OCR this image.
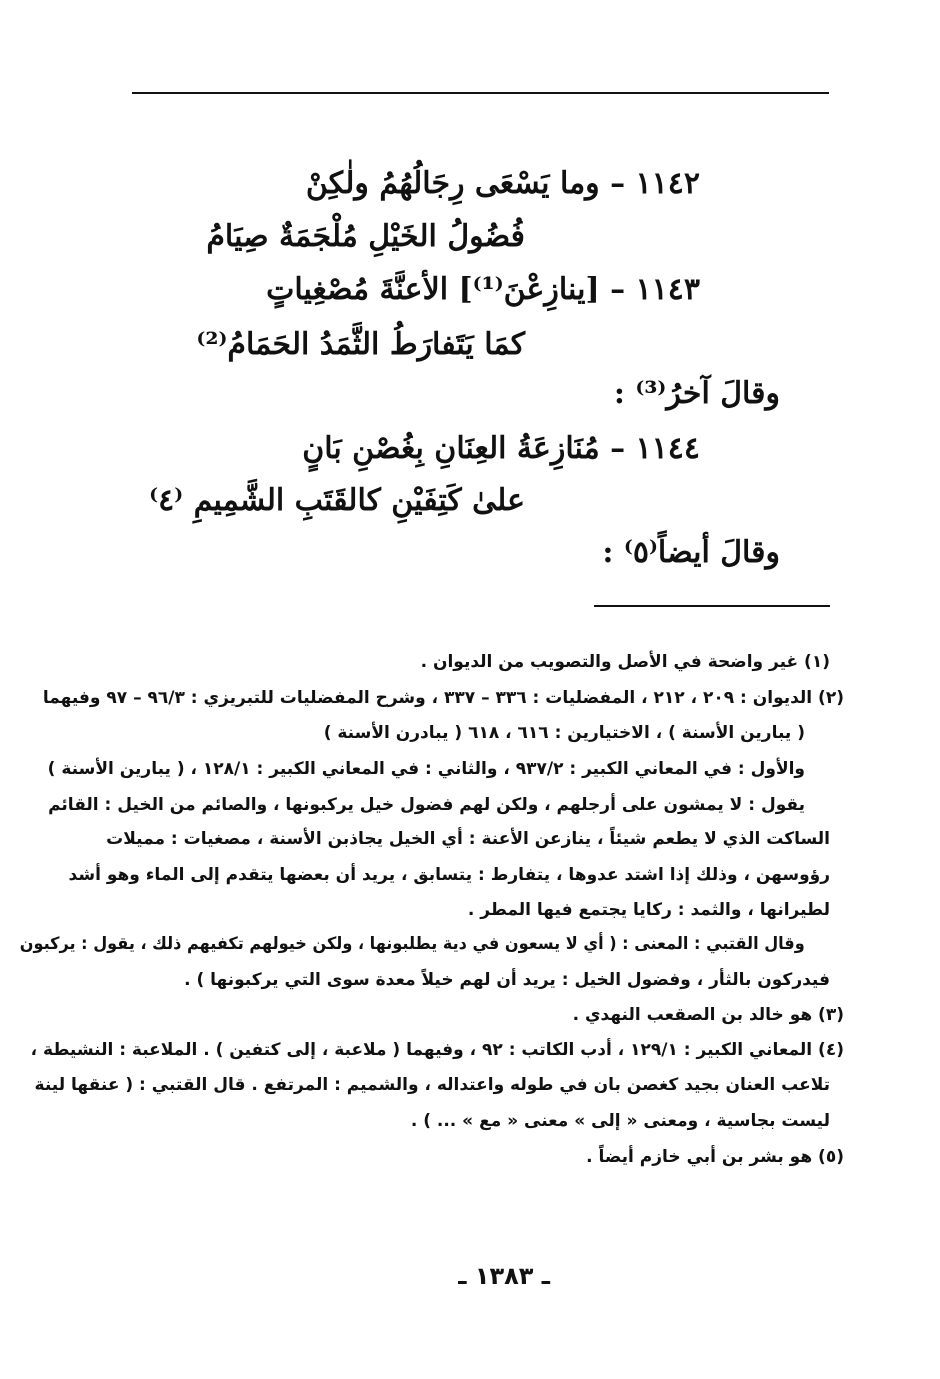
١١٤٢ – وما يَسْعَى رِجَالُهُمُ ولٰكِنْ
فُضُولُ الخَيْلِ مُلْجَمَةٌ صِيَامُ
١١٤٣ – [ينازِعْنَ⁽¹⁾] الأعنَّةَ مُصْغِياتٍ
كمَا يَتَفارَطُ الثَّمَدُ الحَمَامُ⁽²⁾
وقالَ آخرُ⁽³⁾ :
١١٤٤ – مُنَازِعَةُ العِنَانِ بِغُصْنِ بَانٍ
علىٰ كَتِفَيْنِ كالقَتَبِ الشَّمِيمِ ⁽٤⁾
وقالَ أيضاً⁽٥⁾ :
(١) غير واضحة في الأصل والتصويب من الديوان .
(٢) الديوان : ٢٠٩ ، ٢١٢ ، المفضليات : ٣٣٦ – ٣٣٧ ، وشرح المفضليات للتبريزي : ٩٦/٣ – ٩٧ وفيهما
( يبارين الأسنة ) ، الاختيارين : ٦١٦ ، ٦١٨ ( يبادرن الأسنة )
والأول : في المعاني الكبير : ٩٣٧/٢ ، والثاني : في المعاني الكبير : ١٢٨/١ ، ( يبارين الأسنة )
يقول : لا يمشون على أرجلهم ، ولكن لهم فضول خيل يركبونها ، والصائم من الخيل : القائم
الساكت الذي لا يطعم شيئاً ، ينازعن الأعنة : أي الخيل يجاذبن الأسنة ، مصغيات : مميلات
رؤوسهن ، وذلك إذا اشتد عدوها ، يتفارط : يتسابق ، يريد أن بعضها يتقدم إلى الماء وهو أشد
لطيرانها ، والثمد : ركايا يجتمع فيها المطر .
وقال القتبي : المعنى : ( أي لا يسعون في دية يطلبونها ، ولكن خيولهم تكفيهم ذلك ، يقول : يركبون
فيدركون بالثأر ، وفضول الخيل : يريد أن لهم خيلاً معدة سوى التي يركبونها ) .
(٣) هو خالد بن الصقعب النهدي .
(٤) المعاني الكبير : ١٢٩/١ ، أدب الكاتب : ٩٢ ، وفيهما ( ملاعبة ، إلى كتفين ) . الملاعبة : النشيطة ،
تلاعب العنان بجيد كغصن بان في طوله واعتداله ، والشميم : المرتفع . قال القتبي : ( عنقها لينة
ليست بجاسية ، ومعنى « إلى » معنى « مع » ... ) .
(٥) هو بشر بن أبي خازم أيضاً .
ـ ١٣٨٣ ـ
